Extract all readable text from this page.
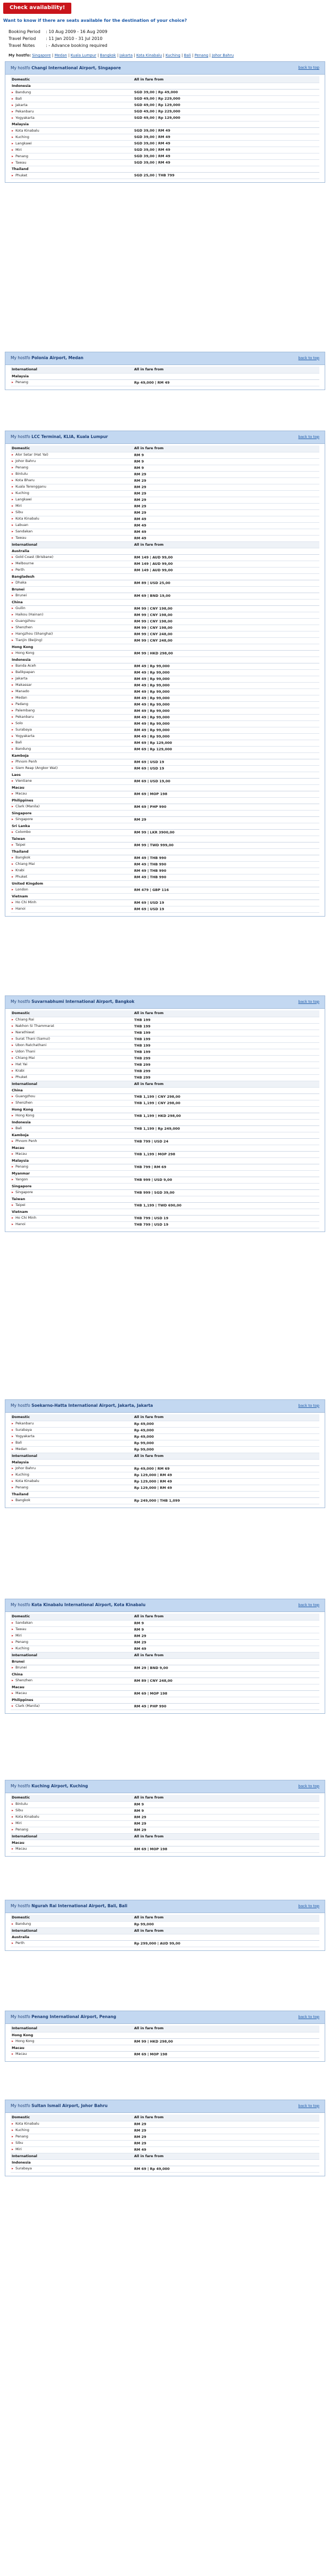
Check availability!
Want to know if there are seats available for the destination of your choice?
Booking Period	: 10 Aug 2009 - 16 Aug 2009
Travel Period	: 11 Jan 2010 - 31 Jul 2010
Travel Notes	: - Advance booking required
My hostfo: Singapore | Medan | Kuala Lumpur | Bangkok | Jakarta | Kota Kinabalu | Kuching | Bali | Penang | Johor Bahru
My hostfo Changi International Airport, Singapore	back to top
Domestic	All in fare from
Indonesia	
▸ Bandung	SGD 39,00 | Rp 49,000
▸ Bali	SGD 49,00 | Rp 229,000
▸ Jakarta	SGD 49,00 | Rp 129,000
▸ Pekanbaru	SGD 49,00 | Rp 229,000
▸ Yogyakarta	SGD 49,00 | Rp 129,000
Malaysia	
▸ Kota Kinabalu	SGD 39,00 | RM 49
▸ Kuching	SGD 39,00 | RM 49
▸ Langkawi	SGD 39,00 | RM 49
▸ Miri	SGD 39,00 | RM 49
▸ Penang	SGD 39,00 | RM 49
▸ Tawau	SGD 39,00 | RM 49
Thailand	
▸ Phuket	SGD 25,00 | THB 799
My hostfo Polonia Airport, Medan	back to top
International	All in fare from
Malaysia	
▸ Penang	Rp 49,000 | RM 49
My hostfo LCC Terminal, KLIA, Kuala Lumpur	back to top
Domestic	All in fare from
▸ Alor Setar (Hat Yai)	RM 9
▸ Johor Bahru	RM 9
▸ Penang	RM 9
▸ Bintulu	RM 29
▸ Kota Bharu	RM 29
▸ Kuala Terengganu	RM 29
▸ Kuching	RM 29
▸ Langkawi	RM 29
▸ Miri	RM 29
▸ Sibu	RM 29
▸ Kota Kinabalu	RM 49
▸ Labuan	RM 49
▸ Sandakan	RM 49
▸ Tawau	RM 49
International	All in fare from
Australia	
▸ Gold Coast (Brisbane)	RM 149 | AUD 99,00
▸ Melbourne	RM 149 | AUD 99,00
▸ Perth	RM 149 | AUD 99,00
Bangladesh	
▸ Dhaka	RM 89 | USD 25,00
Brunei	
▸ Brunei	RM 69 | BND 19,00
China	
▸ Guilin	RM 99 | CNY 198,00
▸ Haikou (Hainan)	RM 99 | CNY 198,00
▸ Guangzhou	RM 99 | CNY 198,00
▸ Shenzhen	RM 99 | CNY 198,00
▸ Hangzhou (Shanghai)	RM 99 | CNY 248,00
▸ Tianjin (Beijing)	RM 99 | CNY 248,00
Hong Kong	
▸ Hong Kong	RM 99 | HKD 298,00
Indonesia	
▸ Banda Aceh	RM 49 | Rp 99,000
▸ Balikpapan	RM 49 | Rp 99,000
▸ Jakarta	RM 49 | Rp 99,000
▸ Makassar	RM 49 | Rp 99,000
▸ Manado	RM 49 | Rp 99,000
▸ Medan	RM 49 | Rp 99,000
▸ Padang	RM 49 | Rp 99,000
▸ Palembang	RM 49 | Rp 99,000
▸ Pekanbaru	RM 49 | Rp 99,000
▸ Solo	RM 49 | Rp 99,000
▸ Surabaya	RM 49 | Rp 99,000
▸ Yogyakarta	RM 49 | Rp 99,000
▸ Bali	RM 69 | Rp 129,000
▸ Bandung	RM 69 | Rp 129,000
Kamboja	
▸ Phnom Penh	RM 69 | USD 19
▸ Siem Reap (Angkor Wat)	RM 69 | USD 19
Laos	
▸ Vientiane	RM 69 | USD 19,00
Macau	
▸ Macau	RM 69 | MOP 198
Philippines	
▸ Clark (Manila)	RM 69 | PHP 990
Singapore	
▸ Singapore	RM 29
Sri Lanka	
▸ Colombo	RM 99 | LKR 3900,00
Taiwan	
▸ Taipei	RM 99 | TWD 999,00
Thailand	
▸ Bangkok	RM 49 | THB 990
▸ Chiang Mai	RM 49 | THB 990
▸ Krabi	RM 49 | THB 990
▸ Phuket	RM 49 | THB 990
United Kingdom	
▸ London	RM 479 | GBP 116
Vietnam	
▸ Ho Chi Minh	RM 69 | USD 19
▸ Hanoi	RM 69 | USD 19
My hostfo Suvarnabhumi International Airport, Bangkok	back to top
Domestic	All in fare from
▸ Chiang Rai	THB 199
▸ Nakhon Si Thammarat	THB 199
▸ Narathiwat	THB 199
▸ Surat Thani (Samui)	THB 199
▸ Ubon Ratchathani	THB 199
▸ Udon Thani	THB 199
▸ Chiang Mai	THB 299
▸ Hat Yai	THB 299
▸ Krabi	THB 299
▸ Phuket	THB 299
International	All in fare from
China	
▸ Guangzhou	THB 1,199 | CNY 298,00
▸ Shenzhen	THB 1,199 | CNY 298,00
Hong Kong	
▸ Hong Kong	THB 1,199 | HKD 298,00
Indonesia	
▸ Bali	THB 1,199 | Rp 249,000
Kamboja	
▸ Phnom Penh	THB 799 | USD 24
Macau	
▸ Macau	THB 1,199 | MOP 298
Malaysia	
▸ Penang	THB 799 | RM 69
Myanmar	
▸ Yangon	THB 999 | USD 9,00
Singapore	
▸ Singapore	THB 999 | SGD 39,00
Taiwan	
▸ Taipei	THB 1,199 | TWD 690,00
Vietnam	
▸ Ho Chi Minh	THB 799 | USD 19
▸ Hanoi	THB 799 | USD 19
My hostfo Soekarno-Hatta International Airport, Jakarta, Jakarta	back to top
Domestic	All in fare from
▸ Pekanbaru	Rp 49,000
▸ Surabaya	Rp 49,000
▸ Yogyakarta	Rp 49,000
▸ Bali	Rp 99,000
▸ Medan	Rp 99,000
International	All in fare from
Malaysia	
▸ Johor Bahru	Rp 49,000 | RM 69
▸ Kuching	Rp 129,000 | RM 49
▸ Kota Kinabalu	Rp 129,000 | RM 49
▸ Penang	Rp 129,000 | RM 49
Thailand	
▸ Bangkok	Rp 249,000 | THB 1,099
My hostfo Kota Kinabalu International Airport, Kota Kinabalu	back to top
Domestic	All in fare from
▸ Sandakan	RM 9
▸ Tawau	RM 9
▸ Miri	RM 29
▸ Penang	RM 29
▸ Kuching	RM 49
International	All in fare from
Brunei	
▸ Brunei	RM 29 | BND 9,00
China	
▸ Shenzhen	RM 89 | CNY 248,00
Macau	
▸ Macau	RM 69 | MOP 198
Philippines	
▸ Clark (Manila)	RM 49 | PHP 990
My hostfo Kuching Airport, Kuching	back to top
Domestic	All in fare from
▸ Bintulu	RM 9
▸ Sibu	RM 9
▸ Kota Kinabalu	RM 29
▸ Miri	RM 29
▸ Penang	RM 29
International	All in fare from
Macau	
▸ Macau	RM 69 | MOP 198
My hostfo Ngurah Rai International Airport, Bali, Bali	back to top
Domestic	All in fare from
▸ Bandung	Rp 99,000
International	All in fare from
Australia	
▸ Perth	Rp 299,000 | AUD 99,00
My hostfo Penang International Airport, Penang	back to top
International	All in fare from
Hong Kong	
▸ Hong Kong	RM 99 | HKD 298,00
Macau	
▸ Macau	RM 69 | MOP 198
My hostfo Sultan Ismail Airport, Johor Bahru	back to top
Domestic	All in fare from
▸ Kota Kinabalu	RM 29
▸ Kuching	RM 29
▸ Penang	RM 29
▸ Sibu	RM 29
▸ Miri	RM 49
International	All in fare from
Indonesia	
▸ Surabaya	RM 69 | Rp 49,000
